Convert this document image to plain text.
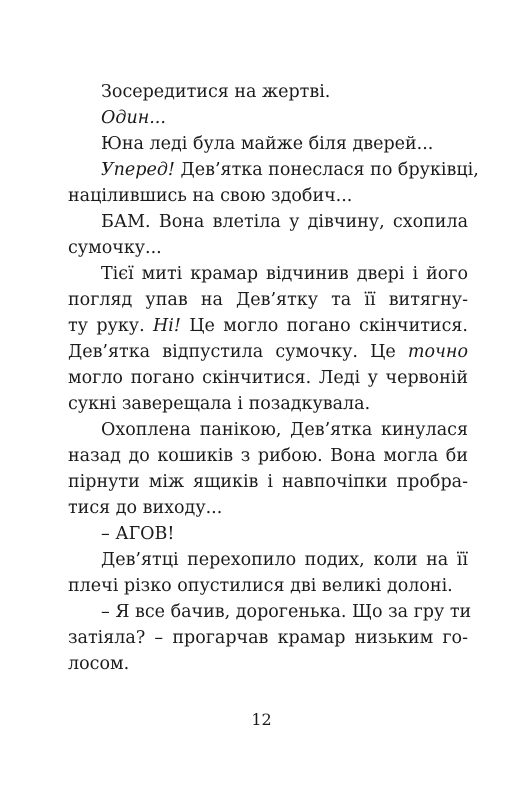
Зосередитися на жертві.
Один...
Юна леді була майже біля дверей...
Уперед! Дев’ятка понеслася по бруківці,
націлившись на свою здобич...
БАМ. Вона влетіла у дівчину, схопила
сумочку...
Тієї миті крамар відчинив двері і його
погляд упав на Дев’ятку та її витягну-
ту руку. Ні! Це могло погано скінчитися.
Дев’ятка відпустила сумочку. Це точно
могло погано скінчитися. Леді у червоній
сукні заверещала і позадкувала.
Охоплена панікою, Дев’ятка кинулася
назад до кошиків з рибою. Вона могла би
пірнути між ящиків і навпочіпки пробра-
тися до виходу...
– АГОВ!
Дев’ятці перехопило подих, коли на її
плечі різко опустилися дві великі долоні.
– Я все бачив, дорогенька. Що за гру ти
затіяла? – прогарчав крамар низьким го-
лосом.
12
